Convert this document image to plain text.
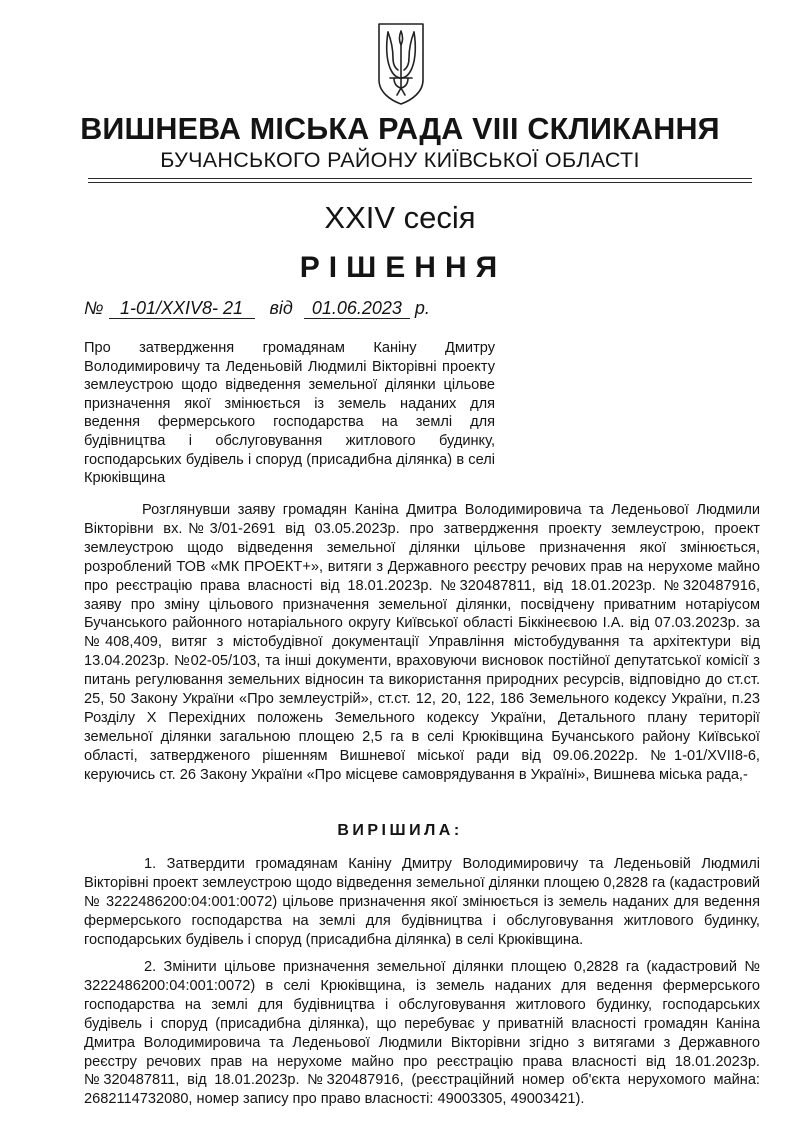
ВИШНЕВА МІСЬКА РАДА VIII СКЛИКАННЯ
БУЧАНСЬКОГО РАЙОНУ КИЇВСЬКОЇ ОБЛАСТІ
XXIV сесія
РІШЕННЯ
№ 1-01/XXIV8- 21 від 01.06.2023 р.
Про затвердження громадянам Каніну Дмитру Володимировичу та Леденьовій Людмилі Вікторівні проекту землеустрою щодо відведення земельної ділянки цільове призначення якої змінюється із земель наданих для ведення фермерського господарства на землі для будівництва і обслуговування житлового будинку, господарських будівель і споруд (присадибна ділянка) в селі Крюківщина
Розглянувши заяву громадян Каніна Дмитра Володимировича та Леденьової Людмили Вікторівни вх.№3/01-2691 від 03.05.2023р. про затвердження проекту землеустрою, проект землеустрою щодо відведення земельної ділянки цільове призначення якої змінюється, розроблений ТОВ «МК ПРОЕКТ+», витяги з Державного реєстру речових прав на нерухоме майно про реєстрацію права власності від 18.01.2023р. №320487811, від 18.01.2023р. №320487916, заяву про зміну цільового призначення земельної ділянки, посвідчену приватним нотаріусом Бучанського районного нотаріального округу Київської області Біккінеєвою І.А. від 07.03.2023р. за №408,409, витяг з містобудівної документації Управління містобудування та архітектури від 13.04.2023р. №02-05/103, та інші документи, враховуючи висновок постійної депутатської комісії з питань регулювання земельних відносин та використання природних ресурсів, відповідно до ст.ст. 25, 50 Закону України «Про землеустрій», ст.ст. 12, 20, 122, 186 Земельного кодексу України, п.23 Розділу X Перехідних положень Земельного кодексу України, Детального плану території земельної ділянки загальною площею 2,5 га в селі Крюківщина Бучанського району Київської області, затвердженого рішенням Вишневої міської ради від 09.06.2022р. №1-01/XVII8-6, керуючись ст. 26 Закону України «Про місцеве самоврядування в Україні», Вишнева міська рада,-
ВИРІШИЛА:
1. Затвердити громадянам Каніну Дмитру Володимировичу та Леденьовій Людмилі Вікторівні проект землеустрою щодо відведення земельної ділянки площею 0,2828 га (кадастровий № 3222486200:04:001:0072) цільове призначення якої змінюється із земель наданих для ведення фермерського господарства на землі для будівництва і обслуговування житлового будинку, господарських будівель і споруд (присадибна ділянка) в селі Крюківщина.
2. Змінити цільове призначення земельної ділянки площею 0,2828 га (кадастровий № 3222486200:04:001:0072) в селі Крюківщина, із земель наданих для ведення фермерського господарства на землі для будівництва і обслуговування житлового будинку, господарських будівель і споруд (присадибна ділянка), що перебуває у приватній власності громадян Каніна Дмитра Володимировича та Леденьової Людмили Вікторівни згідно з витягами з Державного реєстру речових прав на нерухоме майно про реєстрацію права власності від 18.01.2023р. №320487811, від 18.01.2023р. №320487916, (реєстраційний номер об'єкта нерухомого майна: 2682114732080, номер запису про право власності: 49003305, 49003421).
